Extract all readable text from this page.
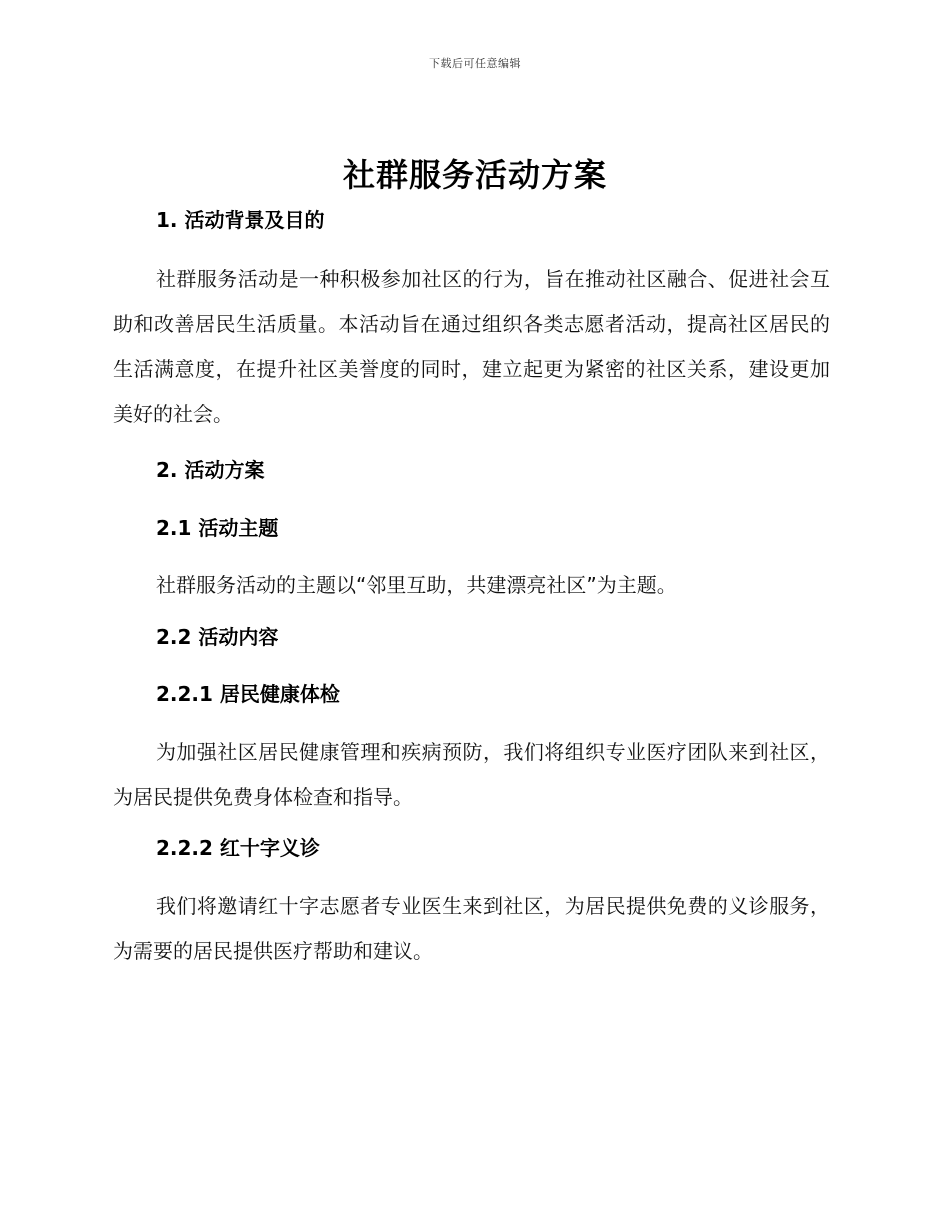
下载后可任意编辑
社群服务活动方案
1. 活动背景及目的
社群服务活动是一种积极参加社区的行为，旨在推动社区融合、促进社会互助和改善居民生活质量。本活动旨在通过组织各类志愿者活动，提高社区居民的生活满意度，在提升社区美誉度的同时，建立起更为紧密的社区关系，建设更加美好的社会。
2. 活动方案
2.1 活动主题
社群服务活动的主题以“邻里互助，共建漂亮社区”为主题。
2.2 活动内容
2.2.1 居民健康体检
为加强社区居民健康管理和疾病预防，我们将组织专业医疗团队来到社区，为居民提供免费身体检查和指导。
2.2.2 红十字义诊
我们将邀请红十字志愿者专业医生来到社区，为居民提供免费的义诊服务，为需要的居民提供医疗帮助和建议。
